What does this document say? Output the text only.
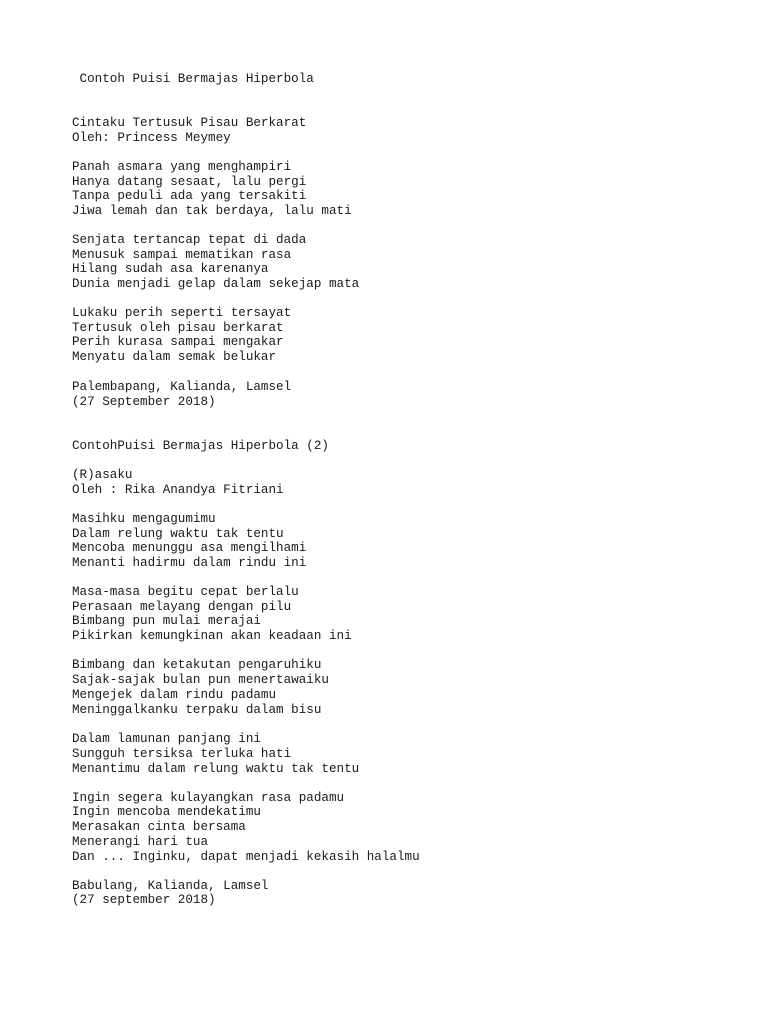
Contoh Puisi Bermajas Hiperbola

Cintaku Tertusuk Pisau Berkarat

Oleh: Princess Meymey

Panah asmara yang menghampiri

Hanya datang sesaat, lalu pergi

Tanpa peduli ada yang tersakiti

Jiwa lemah dan tak berdaya, lalu mati

Senjata tertancap tepat di dada

Menusuk sampai mematikan rasa

Hilang sudah asa karenanya

Dunia menjadi gelap dalam sekejap mata

Lukaku perih seperti tersayat

Tertusuk oleh pisau berkarat

Perih kurasa sampai mengakar

Menyatu dalam semak belukar

Palembapang, Kalianda, Lamsel

(27 September 2018)

ContohPuisi Bermajas Hiperbola (2)

(R)asaku

Oleh : Rika Anandya Fitriani

Masihku mengagumimu

Dalam relung waktu tak tentu

Mencoba menunggu asa mengilhami

Menanti hadirmu dalam rindu ini

Masa-masa begitu cepat berlalu

Perasaan melayang dengan pilu

Bimbang pun mulai merajai

Pikirkan kemungkinan akan keadaan ini

Bimbang dan ketakutan pengaruhiku

Sajak-sajak bulan pun menertawaiku

Mengejek dalam rindu padamu

Meninggalkanku terpaku dalam bisu

Dalam lamunan panjang ini

Sungguh tersiksa terluka hati

Menantimu dalam relung waktu tak tentu

Ingin segera kulayangkan rasa padamu

Ingin mencoba mendekatimu

Merasakan cinta bersama

Menerangi hari tua

Dan ... Inginku, dapat menjadi kekasih halalmu

Babulang, Kalianda, Lamsel

(27 september 2018)
